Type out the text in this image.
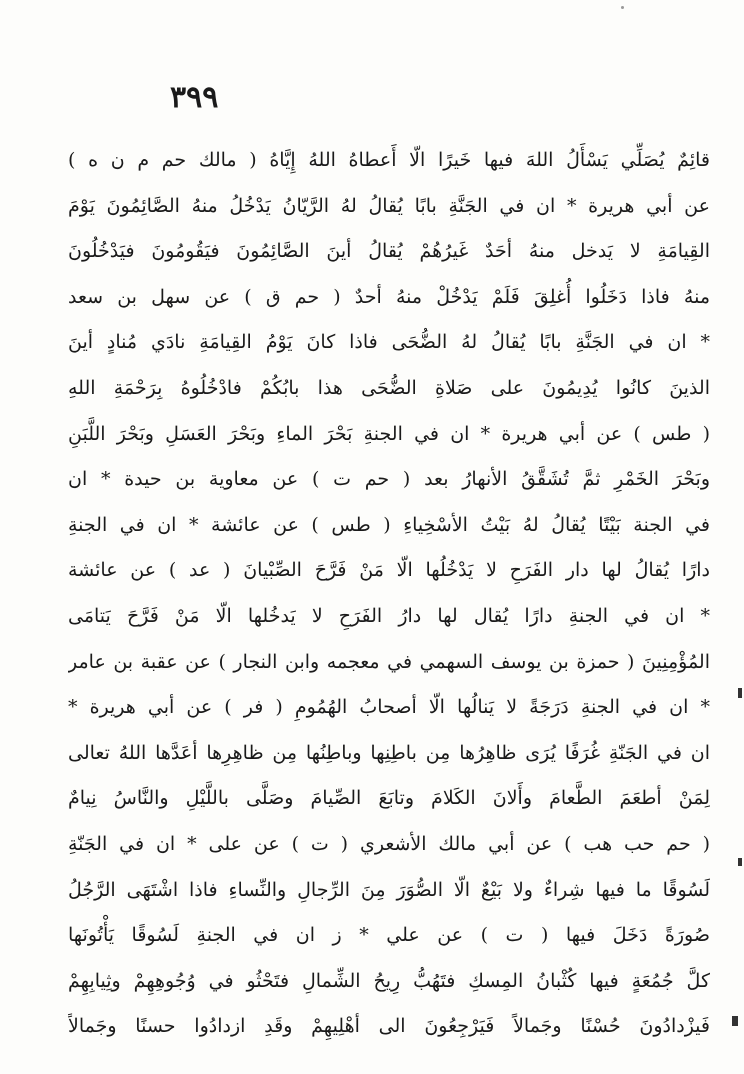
٣٩٩
قائِمٌ يُصَلِّي يَسْأَلُ اللهَ فيها خَيرًا الّا أَعطاهُ اللهُ إِيَّاهُ ( مالك حم م ن ه )
عن أبي هريرة * ان في الجَنَّةِ بابًا يُقالُ لهُ الرَّيّانُ يَدْخُلُ منهُ الصَّائِمُونَ يَوْمَ
القِيامَةِ لا يَدخل منهُ أحَدٌ غَيرُهُمْ يُقالُ أينَ الصَّائِمُونَ فيَقُومُونَ فيَدْخُلُونَ
منهُ فاذا دَخَلُوا أُغلِقَ فَلَمْ يَدْخُلْ منهُ أحدٌ ( حم ق ) عن سهل بن سعد
* ان في الجَنَّةِ بابًا يُقالُ لهُ الضُّحَى فاذا كانَ يَوْمُ القِيامَةِ نادَي مُنادٍ أينَ
الذينَ كانُوا يُدِيمُونَ على صَلاةِ الضُّحَى هذا بابُكُمْ فادْخُلُوهُ بِرَحْمَةِ اللهِ
( طس ) عن أبي هريرة * ان في الجنةِ بَحْرَ الماءِ وبَحْرَ العَسَلِ وبَحْرَ اللَّبَنِ
وبَحْرَ الخَمْرِ ثمَّ تُشَقَّقُ الأنهارُ بعد ( حم ت ) عن معاوية بن حيدة * ان
في الجنة بَيْتًا يُقالُ لهُ بَيْتُ الأسْخِياءِ ( طس ) عن عائشة * ان في الجنةِ
دارًا يُقالُ لها دار الفَرَحِ لا يَدْخُلُها الّا مَنْ فَرَّحَ الصِّبْيانَ ( عد ) عن عائشة
* ان في الجنةِ دارًا يُقال لها دارُ الفَرَحِ لا يَدخُلها الّا مَنْ فَرَّحَ يَتامَى
المُؤْمِنِينَ ( حمزة بن يوسف السهمي في معجمه وابن النجار ) عن عقبة بن عامر
* ان في الجنةِ دَرَجَةً لا يَنالُها الّا أصحابُ الهُمُومِ ( فر ) عن أبي هريرة *
ان في الجَنّةِ غُرَفًا يُرَى ظاهِرُها مِن باطِنِها وباطِنُها مِن ظاهِرِها أعَدَّها اللهُ تعالى
لِمَنْ أطعَمَ الطَّعامَ وأَلانَ الكَلامَ وتابَعَ الصِّيامَ وصَلَّى باللَّيْلِ والنَّاسُ نِيامٌ
( حم حب هب ) عن أبي مالك الأشعري ( ت ) عن على * ان في الجَنّةِ
لَسُوقًا ما فيها شِراءٌ ولا بَيْعٌ الّا الصُّوَرَ مِنَ الرِّجالِ والنِّساءِ فاذا اشْتَهَى الرَّجُلُ
صُورَةً دَخَلَ فيها ( ت ) عن علي * ز ان في الجنةِ لَسُوقًا يَأْتُونَها
كلَّ جُمُعَةٍ فيها كُثْبانُ المِسكِ فتَهُبُّ رِيحُ الشِّمالِ فتَحْثُو في وُجُوهِهِمْ وثِيابِهِمْ
فَيزْدادُونَ حُسْنًا وجَمالاً فَيَرْجِعُونَ الى أهْلِيهِمْ وقَدِ ازدادُوا حسنًا وجَمالاً
